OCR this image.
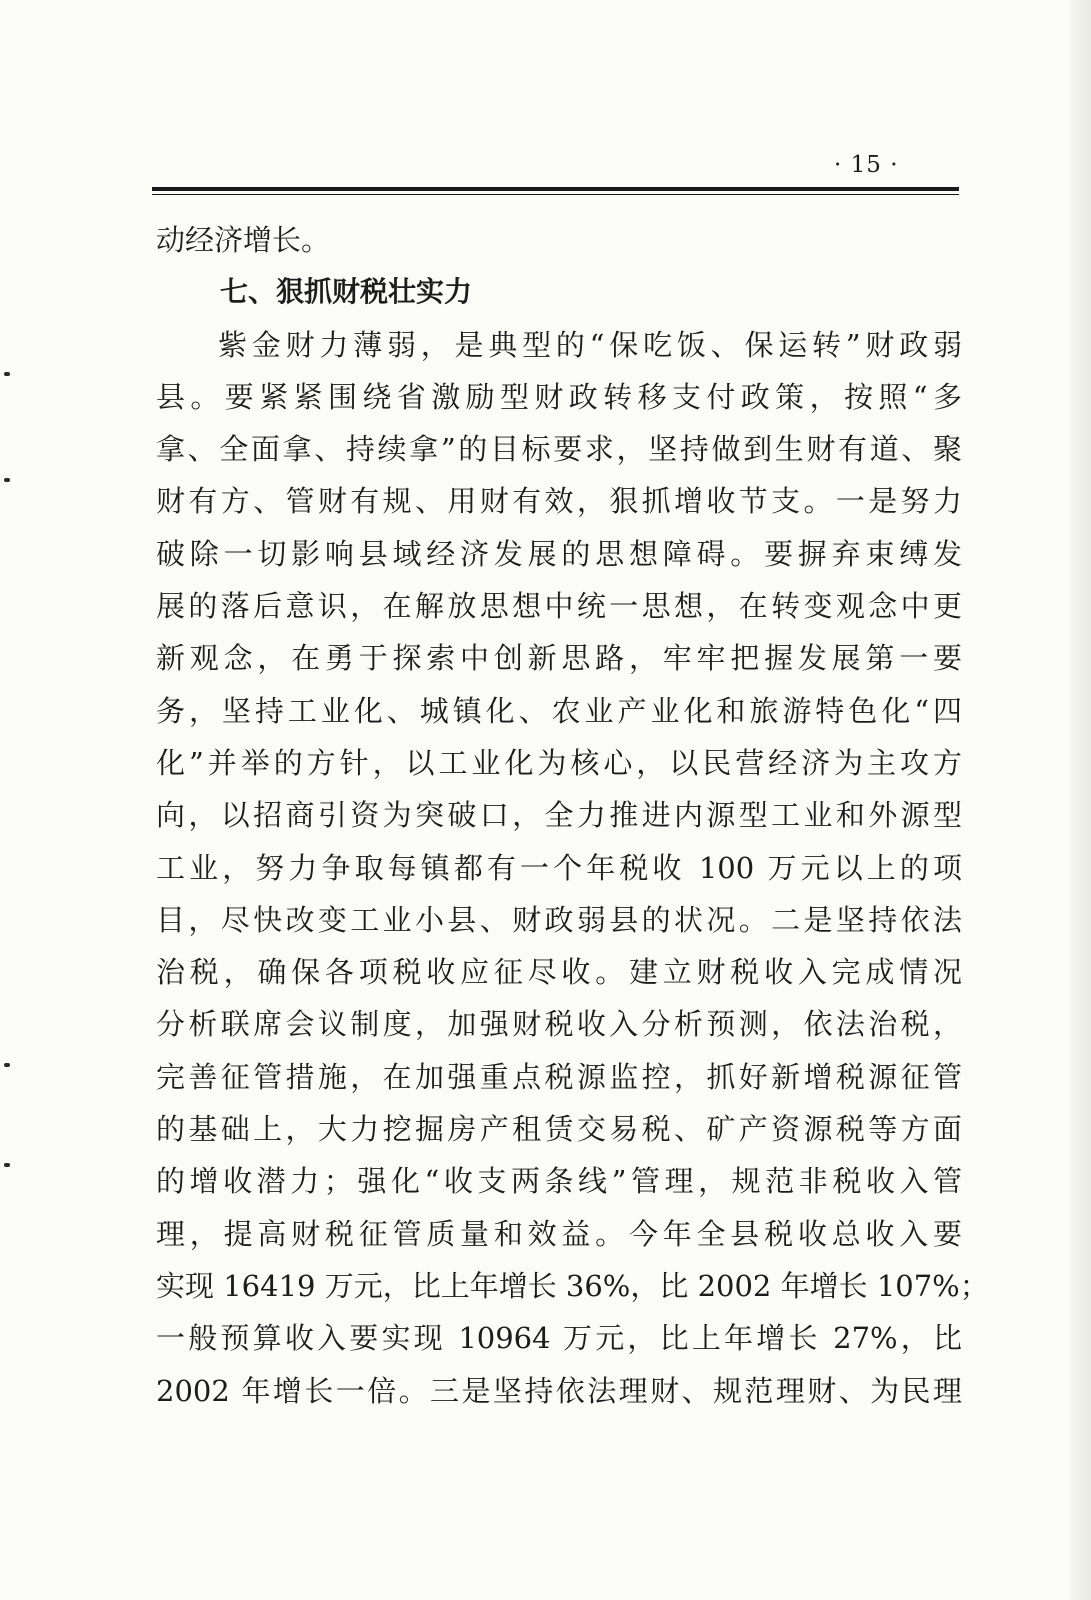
· 15 ·
动经济增长。
七、狠抓财税壮实力
紫金财力薄弱，是典型的“保吃饭、保运转”财政弱
县。要紧紧围绕省激励型财政转移支付政策，按照“多
拿、全面拿、持续拿”的目标要求，坚持做到生财有道、聚
财有方、管财有规、用财有效，狠抓增收节支。一是努力
破除一切影响县域经济发展的思想障碍。要摒弃束缚发
展的落后意识，在解放思想中统一思想，在转变观念中更
新观念，在勇于探索中创新思路，牢牢把握发展第一要
务，坚持工业化、城镇化、农业产业化和旅游特色化“四
化”并举的方针，以工业化为核心，以民营经济为主攻方
向，以招商引资为突破口，全力推进内源型工业和外源型
工业，努力争取每镇都有一个年税收 100 万元以上的项
目，尽快改变工业小县、财政弱县的状况。二是坚持依法
治税，确保各项税收应征尽收。建立财税收入完成情况
分析联席会议制度，加强财税收入分析预测，依法治税，
完善征管措施，在加强重点税源监控，抓好新增税源征管
的基础上，大力挖掘房产租赁交易税、矿产资源税等方面
的增收潜力；强化“收支两条线”管理，规范非税收入管
理，提高财税征管质量和效益。今年全县税收总收入要
实现 16419 万元，比上年增长 36%，比 2002 年增长 107%；
一般预算收入要实现 10964 万元，比上年增长 27%，比
2002 年增长一倍。三是坚持依法理财、规范理财、为民理
